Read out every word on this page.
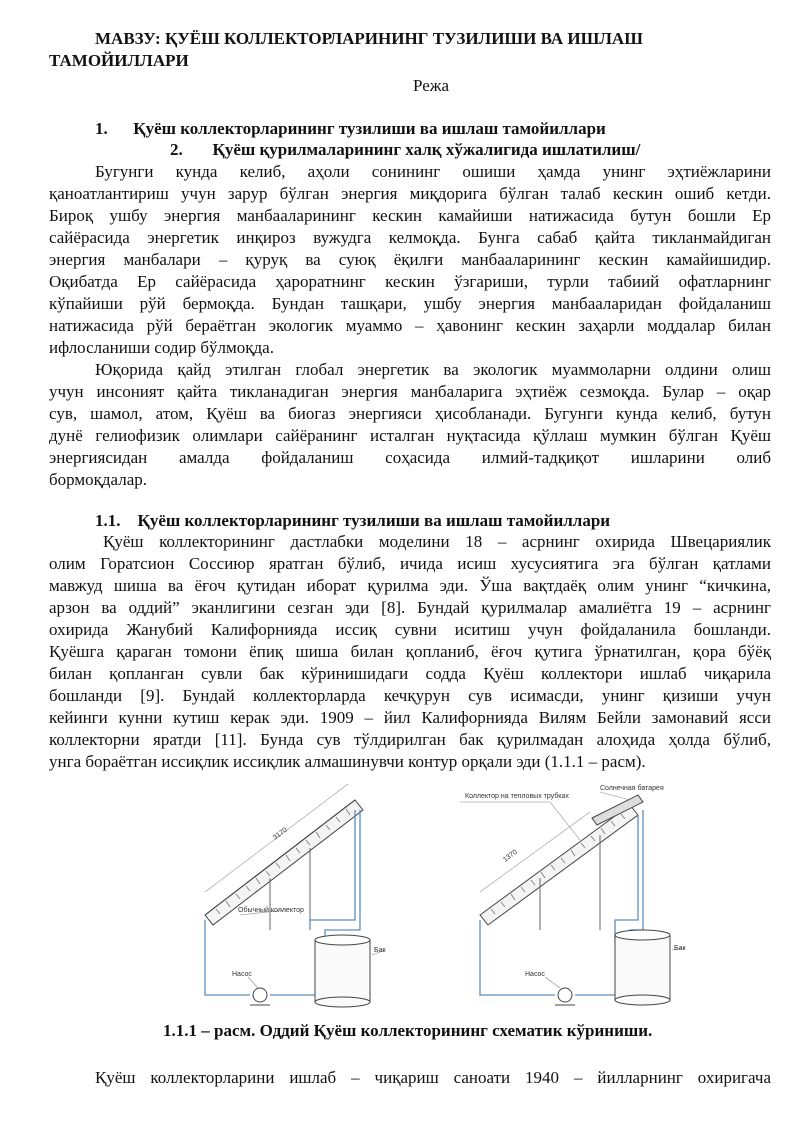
МАВЗУ: ҚУЁШ КОЛЛЕКТОРЛАРИНИНГ ТУЗИЛИШИ ВА ИШЛАШ
ТАМОЙИЛЛАРИ
Режа
1.      Қуёш коллекторларининг тузилиши ва ишлаш тамойиллари
2.       Қуёш қурилмаларининг халқ хўжалигида ишлатилиш/
Бугунги кунда келиб, аҳоли сонининг ошиши ҳамда унинг эҳтиёжларини
қаноатлантириш учун зарур бўлган энергия миқдорига бўлган талаб кескин ошиб кетди.
Бироқ ушбу энергия манбааларининг кескин камайиши натижасида бутун бошли Ер
сайёрасида энергетик инқироз вужудга келмоқда. Бунга сабаб қайта тикланмайдиган
энергия манбалари – қуруқ ва суюқ ёқилғи манбааларининг кескин камайишидир.
Оқибатда Ер сайёрасида ҳароратнинг кескин ўзгариши, турли табиий офатларнинг
кўпайиши рўй бермоқда. Бундан ташқари, ушбу энергия манбааларидан фойдаланиш
натижасида рўй бераётган экологик муаммо – ҳавонинг кескин заҳарли моддалар билан
ифлосланиши содир бўлмоқда.
Юқорида қайд этилган глобал энергетик ва экологик муаммоларни олдини олиш
учун инсоният қайта тикланадиган энергия манбаларига эҳтиёж сезмоқда. Булар – оқар
сув, шамол, атом, Қуёш ва биогаз энергияси ҳисобланади. Бугунги кунда келиб, бутун
дунё гелиофизик олимлари сайёранинг исталган нуқтасида қўллаш мумкин бўлган Қуёш
энергиясидан   амалда   фойдаланиш   соҳасида   илмий-тадқиқот   ишларини   олиб
бормоқдалар.
1.1.    Қуёш коллекторларининг тузилиши ва ишлаш тамойиллари
Қуёш коллекторининг дастлабки моделини 18 – асрнинг охирида Швецариялик
олим Горатсион Соссиюр яратган бўлиб, ичида исиш хусусиятига эга бўлган қатлами
мавжуд шиша ва ёғоч қутидан иборат қурилма эди. Ўша вақтдаёқ олим унинг “кичкина,
арзон ва оддий” эканлигини сезган эди [8]. Бундай қурилмалар амалиётга 19 – асрнинг
охирида Жанубий Калифорнияда иссиқ сувни иситиш учун фойдаланила бошланди.
Қуёшга қараган томони ёпиқ шиша билан қопланиб, ёғоч қутига ўрнатилган, қора бўёқ
билан қопланган сувли бак кўринишидаги содда Қуёш коллектори ишлаб чиқарила
бошланди [9]. Бундай коллекторларда кечқурун сув исимасди, унинг қизиши учун
кейинги кунни кутиш керак эди. 1909 – йил Калифорнияда Вилям Бейли замонавий ясси
коллекторни яратди [11]. Бунда сув тўлдирилган бак қурилмадан алоҳида ҳолда бўлиб,
унга бораётган иссиқлик иссиқлик алмашинувчи контур орқали эди (1.1.1 – расм).
3170
Обычный коллектор
Бак
Насос
Коллектор на тепловых трубках
Солнечная батарея
1370
Бак
Насос
1.1.1 – расм. Оддий Қуёш коллекторининг схематик кўриниши.
Қуёш коллекторларини ишлаб – чиқариш саноати 1940 – йилларнинг охиригача
